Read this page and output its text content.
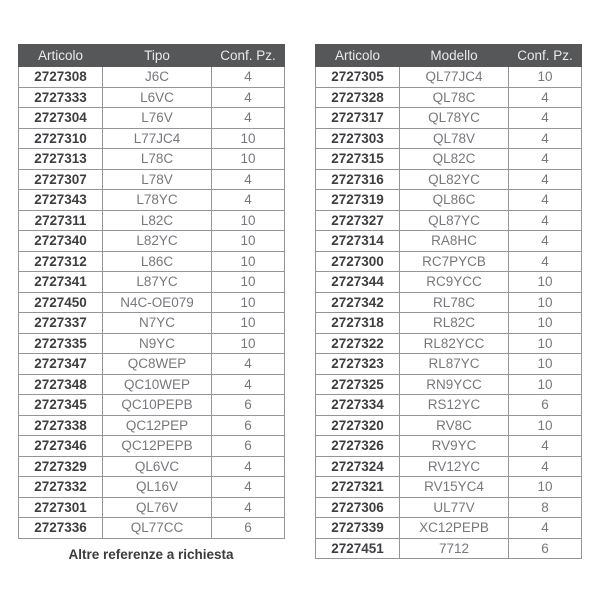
Articolo	Tipo	Conf. Pz.
2727308	J6C	4
2727333	L6VC	4
2727304	L76V	4
2727310	L77JC4	10
2727313	L78C	10
2727307	L78V	4
2727343	L78YC	4
2727311	L82C	10
2727340	L82YC	10
2727312	L86C	10
2727341	L87YC	10
2727450	N4C-OE079	10
2727337	N7YC	10
2727335	N9YC	10
2727347	QC8WEP	4
2727348	QC10WEP	4
2727345	QC10PEPB	6
2727338	QC12PEP	6
2727346	QC12PEPB	6
2727329	QL6VC	4
2727332	QL16V	4
2727301	QL76V	4
2727336	QL77CC	6
Altre referenze a richiesta
Articolo	Modello	Conf. Pz.
2727305	QL77JC4	10
2727328	QL78C	4
2727317	QL78YC	4
2727303	QL78V	4
2727315	QL82C	4
2727316	QL82YC	4
2727319	QL86C	4
2727327	QL87YC	4
2727314	RA8HC	4
2727300	RC7PYCB	4
2727344	RC9YCC	10
2727342	RL78C	10
2727318	RL82C	10
2727322	RL82YCC	10
2727323	RL87YC	10
2727325	RN9YCC	10
2727334	RS12YC	6
2727320	RV8C	10
2727326	RV9YC	4
2727324	RV12YC	4
2727321	RV15YC4	10
2727306	UL77V	8
2727339	XC12PEPB	4
2727451	7712	6
